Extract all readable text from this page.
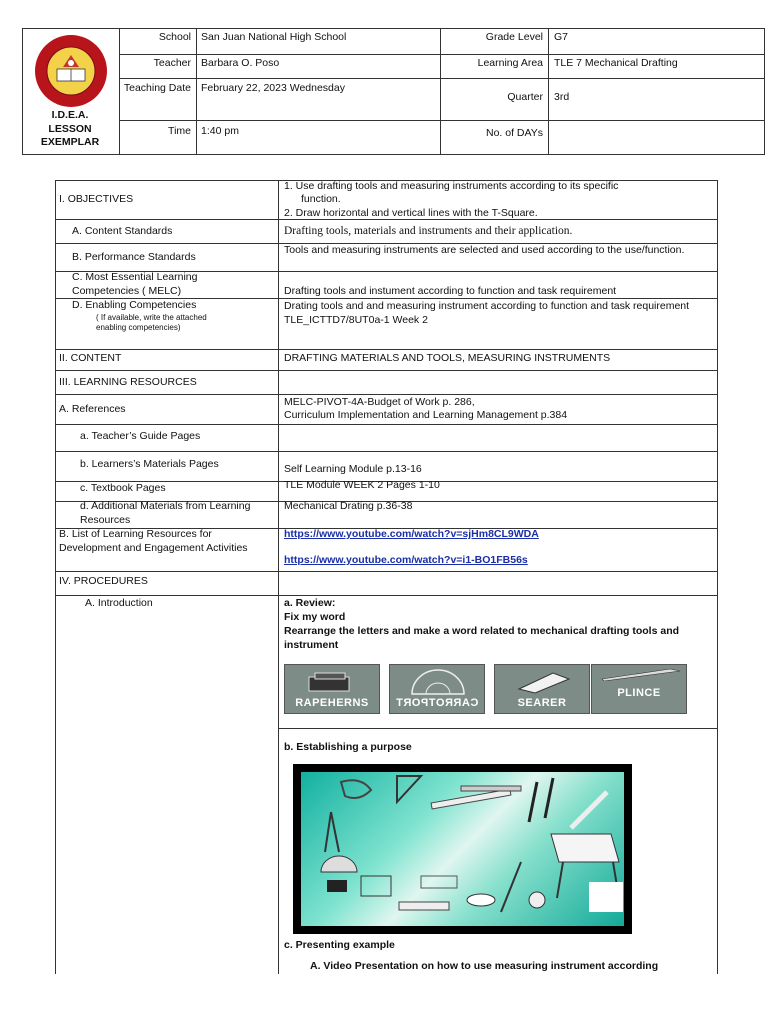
I.D.E.A. LESSON EXEMPLAR
School San Juan National High School
Teacher Barbara O. Poso
Teaching Date February 22, 2023 Wednesday
Time 1:40 pm
Grade Level G7
Learning Area TLE 7 Mechanical Drafting
Quarter 3rd
No. of DAYs
I. OBJECTIVES
A. Content Standards
B. Performance Standards
C. Most Essential Learning Competencies ( MELC)
D. Enabling Competencies
( If available, write the attached enabling competencies)
II. CONTENT
III. LEARNING RESOURCES
A. References
a. Teacher’s Guide Pages
b. Learners’s Materials Pages
c. Textbook Pages
d. Additional Materials from Learning Resources
B. List of Learning Resources for Development and Engagement Activities
IV. PROCEDURES
A. Introduction
1. Use drafting tools and measuring instruments according to its specific
function.
2. Draw horizontal and vertical lines with the T-Square.
Drafting tools, materials and instruments and their application.
Tools and measuring instruments are selected and used according to the use/function.
Drafting tools and instument according to function and task requirement
Drating tools and and measuring instrument according to function and task requirement TLE_ICTTD7/8UT0a-1 Week 2
DRAFTING MATERIALS AND TOOLS, MEASURING INSTRUMENTS
MELC-PIVOT-4A-Budget of Work p. 286,
Curriculum Implementation and Learning Management p.384
Self Learning Module p.13-16
TLE Module WEEK 2 Pages 1-10
Mechanical Drating p.36-38
https://www.youtube.com/watch?v=sjHm8CL9WDA
https://www.youtube.com/watch?v=i1-BO1FB56s
a. Review:
Fix my word
Rearrange the letters and make a word related to mechanical drafting tools and instrument
RAPEHERNS	CARROTPORT	SEARER
PLINCE
b. Establishing a purpose
c. Presenting example
A. Video Presentation on how to use measuring instrument according
